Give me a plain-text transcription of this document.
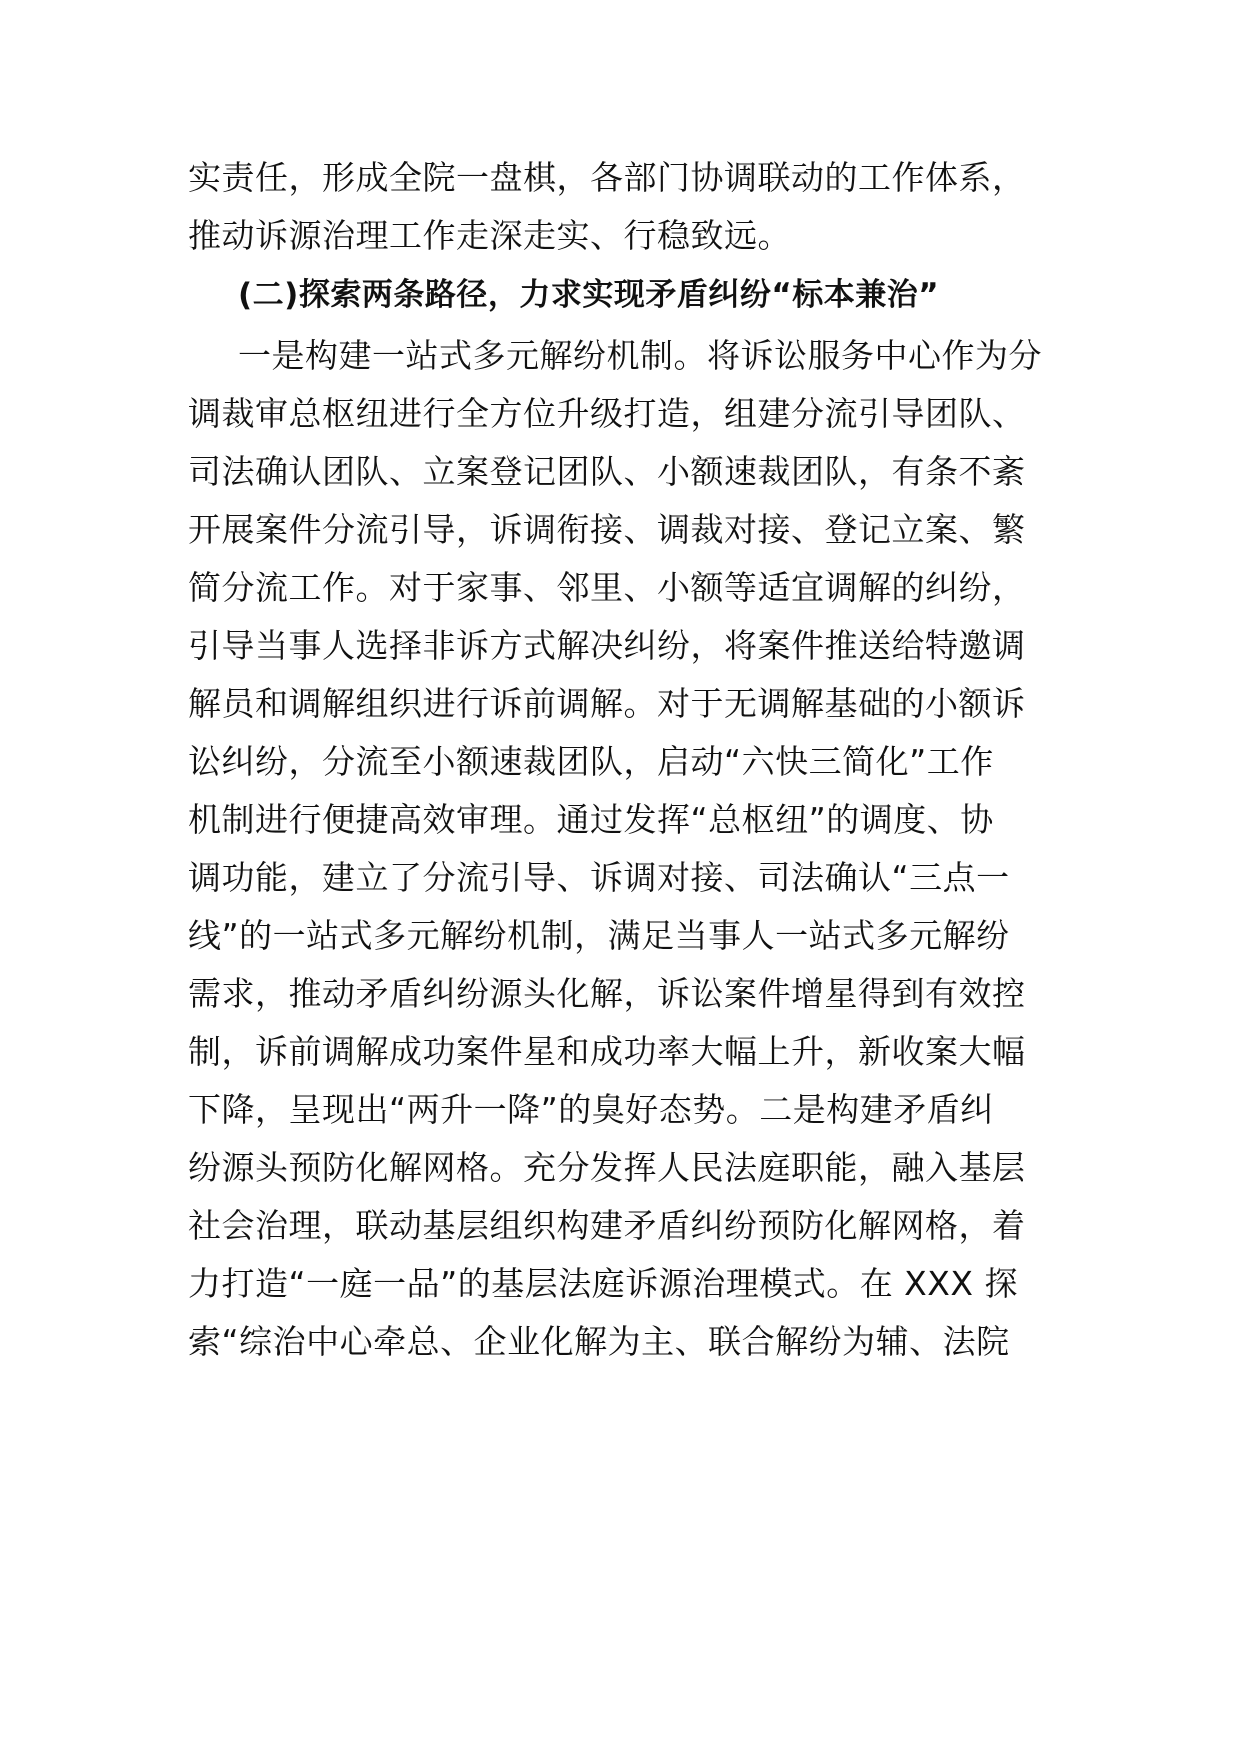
实责任，形成全院一盘棋，各部门协调联动的工作体系，
推动诉源治理工作走深走实、行稳致远。
(二)探索两条路径，力求实现矛盾纠纷“标本兼治”
一是构建一站式多元解纷机制。将诉讼服务中心作为分
调裁审总枢纽进行全方位升级打造，组建分流引导团队、
司法确认团队、立案登记团队、小额速裁团队，有条不紊
开展案件分流引导，诉调衔接、调裁对接、登记立案、繁
简分流工作。对于家事、邻里、小额等适宜调解的纠纷，
引导当事人选择非诉方式解决纠纷，将案件推送给特邀调
解员和调解组织进行诉前调解。对于无调解基础的小额诉
讼纠纷，分流至小额速裁团队，启动“六快三简化”工作
机制进行便捷高效审理。通过发挥“总枢纽”的调度、协
调功能，建立了分流引导、诉调对接、司法确认“三点一
线”的一站式多元解纷机制，满足当事人一站式多元解纷
需求，推动矛盾纠纷源头化解，诉讼案件增星得到有效控
制，诉前调解成功案件星和成功率大幅上升，新收案大幅
下降，呈现出“两升一降”的臭好态势。二是构建矛盾纠
纷源头预防化解网格。充分发挥人民法庭职能，融入基层
社会治理，联动基层组织构建矛盾纠纷预防化解网格，着
力打造“一庭一品”的基层法庭诉源治理模式。在 XXX 探
索“综治中心牵总、企业化解为主、联合解纷为辅、法院
